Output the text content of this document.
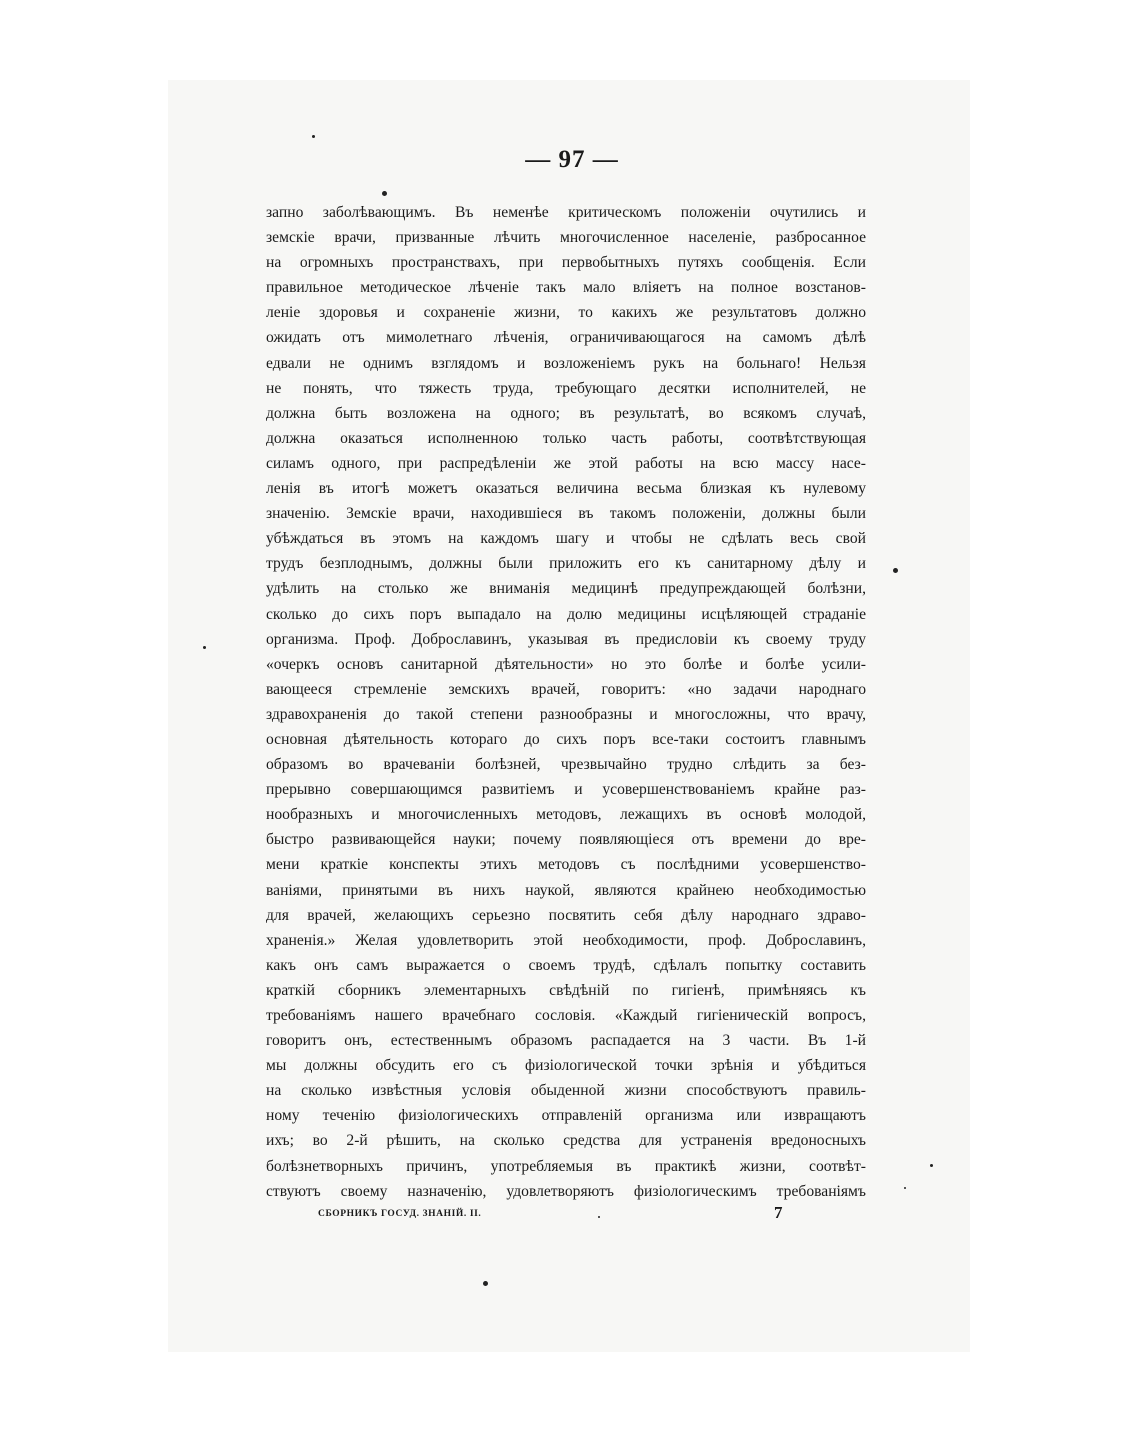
— 97 —
запно заболѣвающимъ. Въ неменѣе критическомъ положеніи очутились и
земскіе врачи, призванные лѣчить многочисленное населеніе, разбросанное
на огромныхъ пространствахъ, при первобытныхъ путяхъ сообщенія. Если
правильное методическое лѣченіе такъ мало вліяетъ на полное возстанов-
леніе здоровья и сохраненіе жизни, то какихъ же результатовъ должно
ожидать отъ мимолетнаго лѣченія, ограничивающагося на самомъ дѣлѣ
едвали не однимъ взглядомъ и возложеніемъ рукъ на больнаго! Нельзя
не понять, что тяжесть труда, требующаго десятки исполнителей, не
должна быть возложена на одного; въ результатѣ, во всякомъ случаѣ,
должна оказаться исполненною только часть работы, соотвѣтствующая
силамъ одного, при распредѣленіи же этой работы на всю массу насе-
ленія въ итогѣ можетъ оказаться величина весьма близкая къ нулевому
значенію. Земскіе врачи, находившіеся въ такомъ положеніи, должны были
убѣждаться въ этомъ на каждомъ шагу и чтобы не сдѣлать весь свой
трудъ безплоднымъ, должны были приложить его къ санитарному дѣлу и
удѣлить на столько же вниманія медицинѣ предупреждающей болѣзни,
сколько до сихъ поръ выпадало на долю медицины исцѣляющей страданіе
организма. Проф. Доброславинъ, указывая въ предисловіи къ своему труду
«очеркъ основъ санитарной дѣятельности» но это болѣе и болѣе усили-
вающееся стремленіе земскихъ врачей, говоритъ: «но задачи народнаго
здравохраненія до такой степени разнообразны и многосложны, что врачу,
основная дѣятельность котораго до сихъ поръ все-таки состоитъ главнымъ
образомъ во врачеваніи болѣзней, чрезвычайно трудно слѣдить за без-
прерывно совершающимся развитіемъ и усовершенствованіемъ крайне раз-
нообразныхъ и многочисленныхъ методовъ, лежащихъ въ основѣ молодой,
быстро развивающейся науки; почему появляющіеся отъ времени до вре-
мени краткіе конспекты этихъ методовъ съ послѣдними усовершенство-
ваніями, принятыми въ нихъ наукой, являются крайнею необходимостью
для врачей, желающихъ серьезно посвятить себя дѣлу народнаго здраво-
храненія.» Желая удовлетворить этой необходимости, проф. Доброславинъ,
какъ онъ самъ выражается о своемъ трудѣ, сдѣлалъ попытку составить
краткій сборникъ элементарныхъ свѣдѣній по гигіенѣ, примѣняясь къ
требованіямъ нашего врачебнаго сословія. «Каждый гигіеническій вопросъ,
говоритъ онъ, естественнымъ образомъ распадается на 3 части. Въ 1-й
мы должны обсудить его съ физіологической точки зрѣнія и убѣдиться
на сколько извѣстныя условія обыденной жизни способствуютъ правиль-
ному теченію физіологическихъ отправленій организма или извращаютъ
ихъ; во 2-й рѣшить, на сколько средства для устраненія вредоносныхъ
болѣзнетворныхъ причинъ, употребляемыя въ практикѣ жизни, соотвѣт-
ствуютъ своему назначенію, удовлетворяютъ физіологическимъ требованіямъ
СБОРНИКЪ ГОСУД. ЗНАНІЙ. II.	7
